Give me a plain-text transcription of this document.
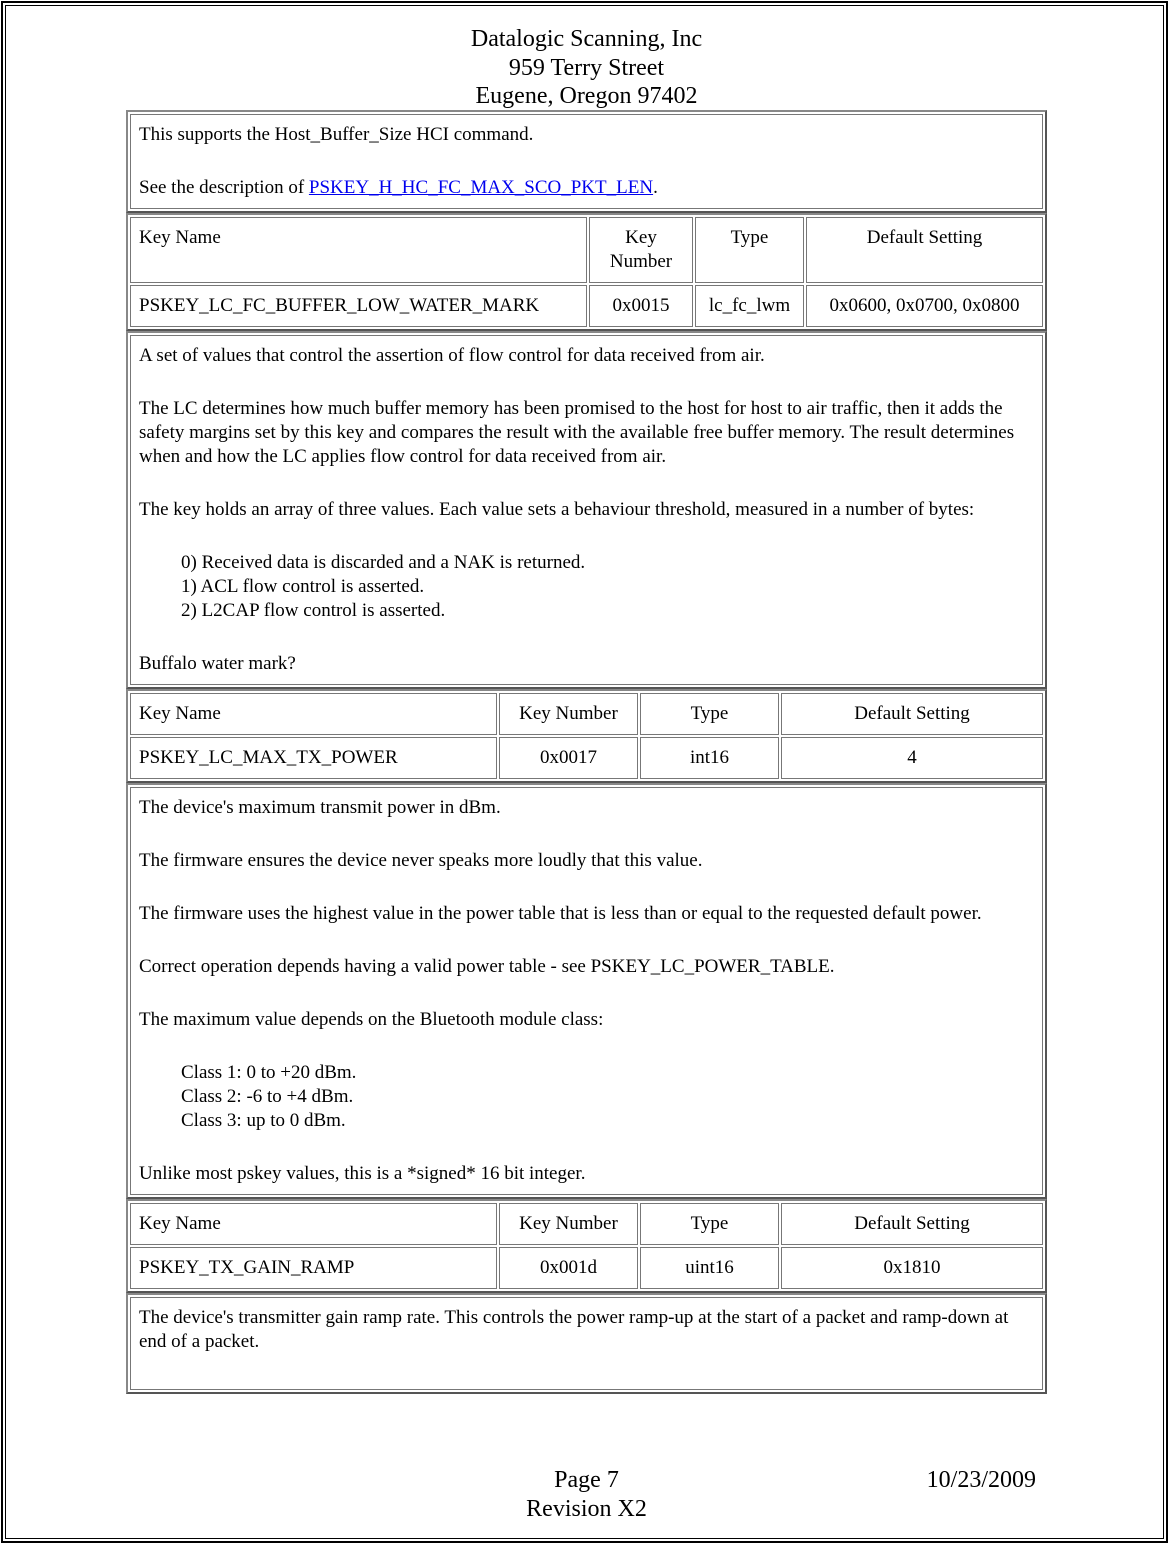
Datalogic Scanning, Inc
959 Terry Street
Eugene, Oregon 97402

This supports the Host_Buffer_Size HCI command.

See the description of PSKEY_H_HC_FC_MAX_SCO_PKT_LEN.

Key Name	Key Number	Type	Default Setting
PSKEY_LC_FC_BUFFER_LOW_WATER_MARK	0x0015	lc_fc_lwm	0x0600, 0x0700, 0x0800

A set of values that control the assertion of flow control for data received from air.

The LC determines how much buffer memory has been promised to the host for host to air traffic, then it adds the safety margins set by this key and compares the result with the available free buffer memory. The result determines when and how the LC applies flow control for data received from air.

The key holds an array of three values. Each value sets a behaviour threshold, measured in a number of bytes:

0) Received data is discarded and a NAK is returned.
1) ACL flow control is asserted.
2) L2CAP flow control is asserted.

Buffalo water mark?

Key Name	Key Number	Type	Default Setting
PSKEY_LC_MAX_TX_POWER	0x0017	int16	4

The device's maximum transmit power in dBm.

The firmware ensures the device never speaks more loudly that this value.

The firmware uses the highest value in the power table that is less than or equal to the requested default power.

Correct operation depends having a valid power table - see PSKEY_LC_POWER_TABLE.

The maximum value depends on the Bluetooth module class:

Class 1: 0 to +20 dBm.
Class 2: -6 to +4 dBm.
Class 3: up to 0 dBm.

Unlike most pskey values, this is a *signed* 16 bit integer.

Key Name	Key Number	Type	Default Setting
PSKEY_TX_GAIN_RAMP	0x001d	uint16	0x1810

The device's transmitter gain ramp rate. This controls the power ramp-up at the start of a packet and ramp-down at end of a packet.

Page 7	10/23/2009
Revision X2
